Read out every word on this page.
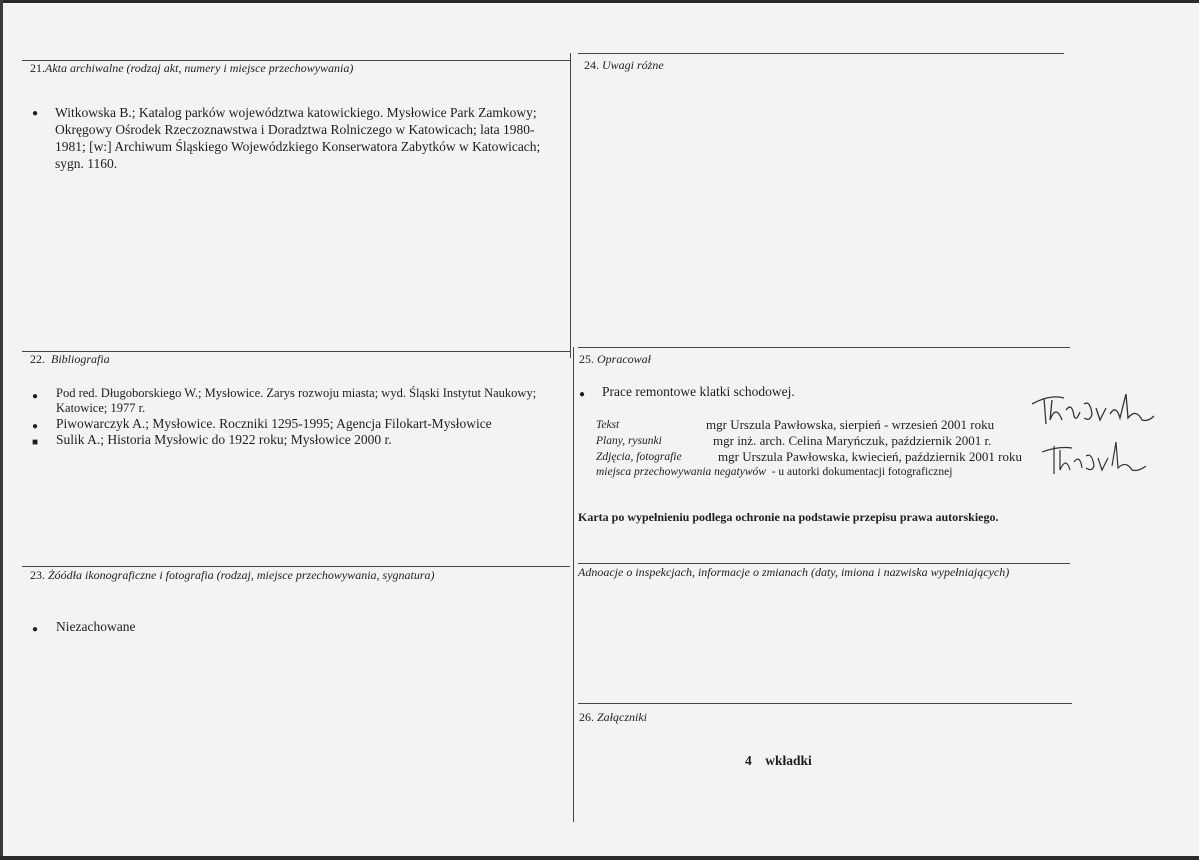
21.Akta archiwalne (rodzaj akt, numery i miejsce przechowywania)
● Witkowska B.; Katalog parków województwa katowickiego. Mysłowice Park Zamkowy;
Okręgowy Ośrodek Rzeczoznawstwa i Doradztwa Rolniczego w Katowicach; lata 1980-
1981; [w:] Archiwum Śląskiego Wojewódzkiego Konserwatora Zabytków w Katowicach;
sygn. 1160.
24. Uwagi różne
22. Bibliografia
● Pod red. Długoborskiego W.; Mysłowice. Zarys rozwoju miasta; wyd. Śląski Instytut Naukowy;
Katowice; 1977 r.
● Piwowarczyk A.; Mysłowice. Roczniki 1295-1995; Agencja Filokart-Mysłowice
■ Sulik A.; Historia Mysłowic do 1922 roku; Mysłowice 2000 r.
25. Opracował
● Prace remontowe klatki schodowej.
Tekst	mgr Urszula Pawłowska, sierpień - wrzesień 2001 roku
Plany, rysunki	mgr inż. arch. Celina Maryńczuk, październik 2001 r.
Zdjęcia, fotografie	mgr Urszula Pawłowska, kwiecień, październik 2001 roku
miejsca przechowywania negatywów - u autorki dokumentacji fotograficznej
Karta po wypełnieniu podlega ochronie na podstawie przepisu prawa autorskiego.
23. Żóódła ikonograficzne i fotografia (rodzaj, miejsce przechowywania, sygnatura)
● Niezachowane
Adnoacje o inspekcjach, informacje o zmianach (daty, imiona i nazwiska wypełniających)
26. Załączniki
4 wkładki
